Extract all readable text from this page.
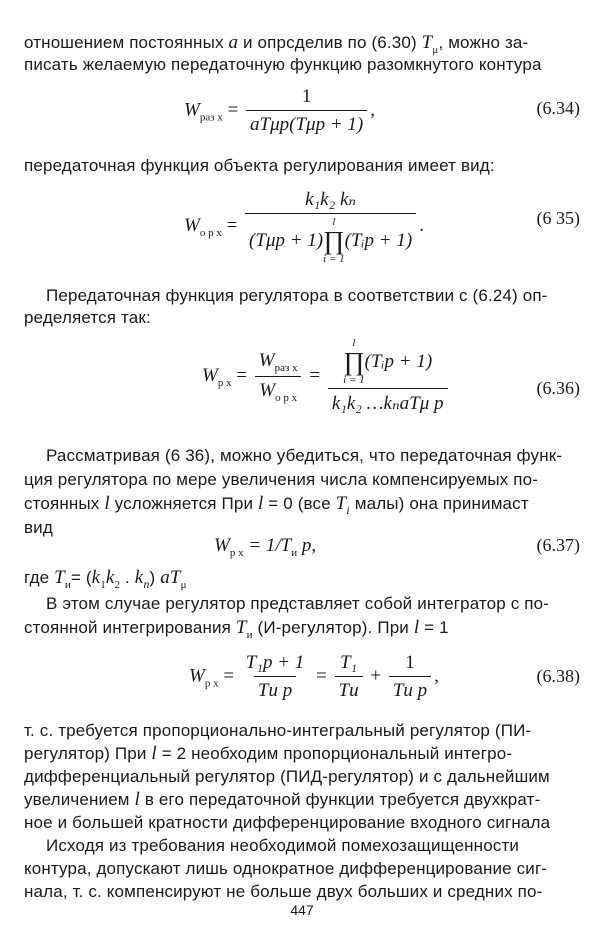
отношением постоянных a и опрсделив по (6.30) $T_\mu$, можно за-
писать желаемую передаточную функцию разомкнутого контура
$W_{раз х} = \frac{1}{\text{aTμp(Tμp + 1)}}$ ,	(6.34)
передаточная функция объекта регулирования имеет вид:
$W_{о р х} = k_1k_2$ kₙ
(Tμp + 1)
l
∏
i = 1
(Tᵢp + 1) .	(6 35)
Передаточная функция регулятора в соответствии с (6.24) оп-
ределяется так:
$W_{р х} = \frac{W_{раз х}}{W_{о р х}} = l$
∏
i = 1
(Tᵢp + 1)
k₁k₂ …kₙaTμ p	(6.36)
Рассматривая (6 36), можно убедиться, что передаточная функ-
ция регулятора по мере увеличения числа компенсируемых по-
стоянных l усложняется При l = 0 (все $T_i$ малы) она принимаст
вид
$W_{р х} = 1/T_и$ p,	(6.37)
где $T_и= (k_1k_2$ . $k_n$) $aT_\mu$
В этом случае регулятор представляет собой интегратор с по-
стоянной интегрирования $T_и$ (И-регулятор). При l = 1
$W_{р х} = \frac{\text{T₁p + 1}}{\text{Tи p}} = \frac{\text{T₁}}{Tи} + \frac{1}{\text{Tи p}}$ ,	(6.38)
т. с. требуется пропорционально-интегральный регулятор (ПИ-
регулятор) При l = 2 необходим пропорциональный интегро-
дифференциальный регулятор (ПИД-регулятор) и с дальнейшим
увеличением l в его передаточной функции требуется двухкрат-
ное и большей кратности дифференцирование входного сигнала
Исходя из требования необходимой помехозащищенности
контура, допускают лишь однократное дифференцирование сиг-
нала, т. с. компенсируют не больше двух больших и средних по-
447
